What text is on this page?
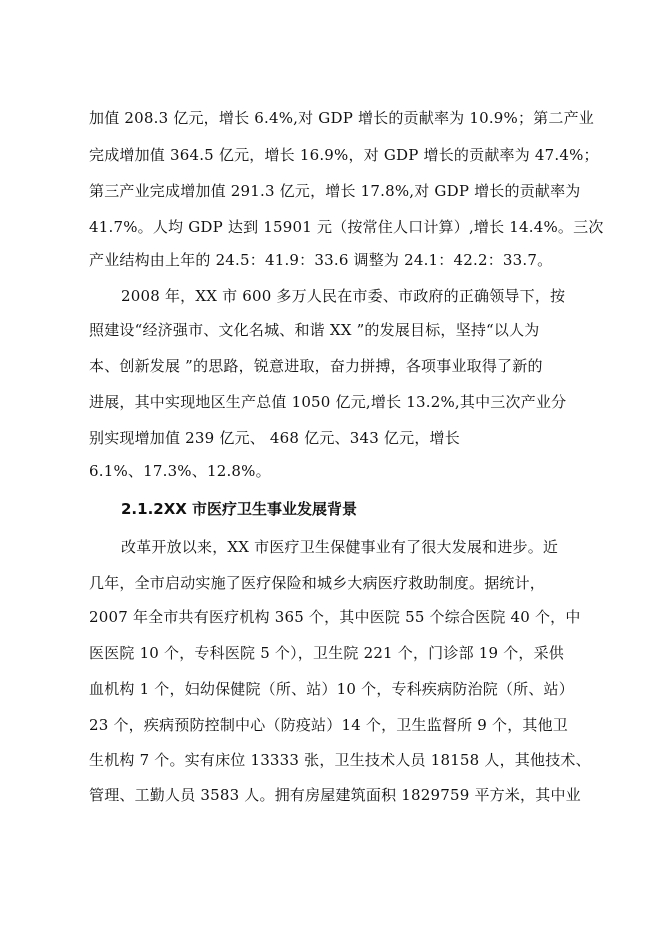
加值 208.3 亿元，增长 6.4%,对 GDP 增长的贡献率为 10.9%；第二产业
完成增加值 364.5 亿元，增长 16.9%，对 GDP 增长的贡献率为 47.4%；
第三产业完成增加值 291.3 亿元，增长 17.8%,对 GDP 增长的贡献率为
41.7%。人均 GDP 达到 15901 元（按常住人口计算）,增长 14.4%。三次
产业结构由上年的 24.5：41.9：33.6 调整为 24.1：42.2：33.7。
2008 年，XX 市 600 多万人民在市委、市政府的正确领导下，按
照建设“经济强市、文化名城、和谐 XX ”的发展目标，坚持“以人为
本、创新发展 ”的思路，锐意进取，奋力拼搏，各项事业取得了新的
进展，其中实现地区生产总值 1050 亿元,增长 13.2%,其中三次产业分
别实现增加值 239 亿元、 468 亿元、343 亿元，增长
6.1%、17.3%、12.8%。
2.1.2XX 市医疗卫生事业发展背景
改革开放以来，XX 市医疗卫生保健事业有了很大发展和进步。近
几年，全市启动实施了医疗保险和城乡大病医疗救助制度。据统计，
2007 年全市共有医疗机构 365 个，其中医院 55 个综合医院 40 个，中
医医院 10 个，专科医院 5 个），卫生院 221 个，门诊部 19 个，采供
血机构 1 个，妇幼保健院（所、站）10 个，专科疾病防治院（所、站）
23 个，疾病预防控制中心（防疫站）14 个，卫生监督所 9 个，其他卫
生机构 7 个。实有床位 13333 张，卫生技术人员 18158 人，其他技术、
管理、工勤人员 3583 人。拥有房屋建筑面积 1829759 平方米，其中业
